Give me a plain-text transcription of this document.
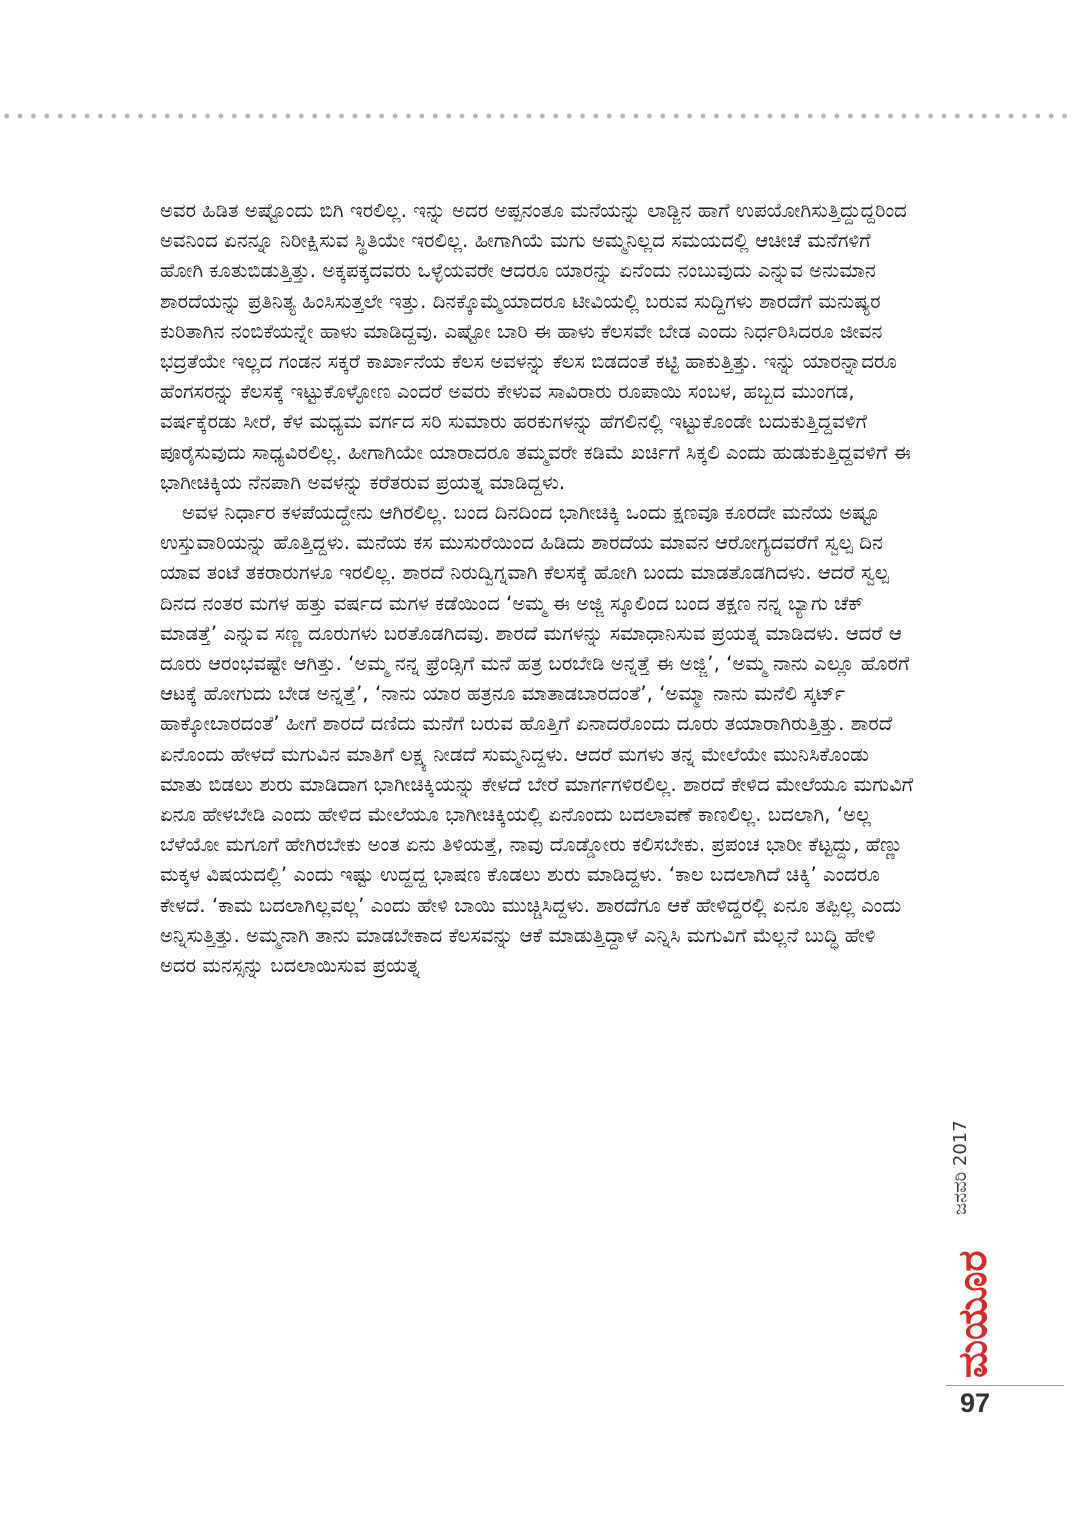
ಅವರ ಹಿಡಿತ ಅಷ್ಟೊಂದು ಬಿಗಿ ಇರಲಿಲ್ಲ. ಇನ್ನು ಅದರ ಅಪ್ಪನಂತೂ ಮನೆಯನ್ನು ಲಾಡ್ಜಿನ ಹಾಗೆ ಉಪಯೋಗಿಸುತ್ತಿದ್ದುದ್ದರಿಂದ ಅವನಿಂದ ಏನನ್ನೂ ನಿರೀಕ್ಷಿಸುವ ಸ್ಥಿತಿಯೇ ಇರಲಿಲ್ಲ. ಹೀಗಾಗಿಯೆ ಮಗು ಅಮ್ಮನಿಲ್ಲದ ಸಮಯದಲ್ಲಿ ಆಚೀಚೆ ಮನೆಗಳಿಗೆ ಹೋಗಿ ಕೂತುಬಿಡುತ್ತಿತ್ತು. ಅಕ್ಕಪಕ್ಕದವರು ಒಳ್ಳೆಯವರೇ ಆದರೂ ಯಾರನ್ನು ಏನೆಂದು ನಂಬುವುದು ಎನ್ನುವ ಅನುಮಾನ ಶಾರದೆಯನ್ನು ಪ್ರತಿನಿತ್ಯ ಹಿಂಸಿಸುತ್ತಲೇ ಇತ್ತು. ದಿನಕ್ಕೊಮ್ಮೆಯಾದರೂ ಟೀವಿಯಲ್ಲಿ ಬರುವ ಸುದ್ದಿಗಳು ಶಾರದೆಗೆ ಮನುಷ್ಯರ ಕುರಿತಾಗಿನ ನಂಬಿಕೆಯನ್ನೇ ಹಾಳು ಮಾಡಿದ್ದವು. ಎಷ್ಟೋ ಬಾರಿ ಈ ಹಾಳು ಕೆಲಸವೇ ಬೇಡ ಎಂದು ನಿರ್ಧರಿಸಿದರೂ ಜೀವನ ಭದ್ರತೆಯೇ ಇಲ್ಲದ ಗಂಡನ ಸಕ್ಕರೆ ಕಾರ್ಖಾನೆಯ ಕೆಲಸ ಅವಳನ್ನು ಕೆಲಸ ಬಿಡದಂತೆ ಕಟ್ಟಿ ಹಾಕುತ್ತಿತ್ತು. ಇನ್ನು ಯಾರನ್ನಾದರೂ ಹೆಂಗಸರನ್ನು ಕೆಲಸಕ್ಕೆ ಇಟ್ಟುಕೊಳ್ಳೋಣ ಎಂದರೆ ಅವರು ಕೇಳುವ ಸಾವಿರಾರು ರೂಪಾಯಿ ಸಂಬಳ, ಹಬ್ಬದ ಮುಂಗಡ, ವರ್ಷಕ್ಕೆರಡು ಸೀರೆ, ಕೆಳ ಮಧ್ಯಮ ವರ್ಗದ ಸರಿ ಸುಮಾರು ಹರಕುಗಳನ್ನು ಹೆಗಲಿನಲ್ಲಿ ಇಟ್ಟುಕೊಂಡೇ ಬದುಕುತ್ತಿದ್ದವಳಿಗೆ ಪೂರೈಸುವುದು ಸಾಧ್ಯವಿರಲಿಲ್ಲ. ಹೀಗಾಗಿಯೇ ಯಾರಾದರೂ ತಮ್ಮವರೇ ಕಡಿಮೆ ಖರ್ಚಿಗೆ ಸಿಕ್ಕಲಿ ಎಂದು ಹುಡುಕುತ್ತಿದ್ದವಳಿಗೆ ಈ ಭಾಗೀಚಿಕ್ಕಿಯ ನೆನಪಾಗಿ ಅವಳನ್ನು ಕರೆತರುವ ಪ್ರಯತ್ನ ಮಾಡಿದ್ದಳು.

ಅವಳ ನಿರ್ಧಾರ ಕಳಪೆಯದ್ದೇನು ಆಗಿರಲಿಲ್ಲ. ಬಂದ ದಿನದಿಂದ ಭಾಗೀಚಿಕ್ಕಿ ಒಂದು ಕ್ಷಣವೂ ಕೂರದೇ ಮನೆಯ ಅಷ್ಟೂ ಉಸ್ತುವಾರಿಯನ್ನು ಹೊತ್ತಿದ್ದಳು. ಮನೆಯ ಕಸ ಮುಸುರೆಯಿಂದ ಹಿಡಿದು ಶಾರದೆಯ ಮಾವನ ಆರೋಗ್ಯದವರೆಗೆ ಸ್ವಲ್ಪ ದಿನ ಯಾವ ತಂಟೆ ತಕರಾರುಗಳೂ ಇರಲಿಲ್ಲ. ಶಾರದೆ ನಿರುದ್ವಿಗ್ನವಾಗಿ ಕೆಲಸಕ್ಕೆ ಹೋಗಿ ಬಂದು ಮಾಡತೊಡಗಿದಳು. ಆದರೆ ಸ್ವಲ್ಪ ದಿನದ ನಂತರ ಮಗಳ ಹತ್ತು ವರ್ಷದ ಮಗಳ ಕಡೆಯಿಂದ ‘ಅಮ್ಮ ಈ ಅಜ್ಜಿ ಸ್ಕೂಲಿಂದ ಬಂದ ತಕ್ಷಣ ನನ್ನ ಬ್ಯಾಗು ಚೆಕ್ ಮಾಡತ್ತೆ’ ಎನ್ನುವ ಸಣ್ಣ ದೂರುಗಳು ಬರತೊಡಗಿದವು. ಶಾರದೆ ಮಗಳನ್ನು ಸಮಾಧಾನಿಸುವ ಪ್ರಯತ್ನ ಮಾಡಿದಳು. ಆದರೆ ಆ ದೂರು ಆರಂಭವಷ್ಟೇ ಆಗಿತ್ತು. ‘ಅಮ್ಮ ನನ್ನ ಫ್ರೆಂಡ್ಸಿಗೆ ಮನೆ ಹತ್ರ ಬರಬೇಡಿ ಅನ್ನತ್ತೆ ಈ ಅಜ್ಜಿ’, ‘ಅಮ್ಮ ನಾನು ಎಲ್ಲೂ ಹೊರಗೆ ಆಟಕ್ಕೆ ಹೋಗುದು ಬೇಡ ಅನ್ನತ್ತೆ’, ‘ನಾನು ಯಾರ ಹತ್ರನೂ ಮಾತಾಡಬಾರದಂತೆ’, ‘ಅಮ್ಮಾ ನಾನು ಮನೆಲಿ ಸ್ಕರ್ಟ್ ಹಾಕ್ಕೋಬಾರದಂತೆ’ ಹೀಗೆ ಶಾರದೆ ದಣಿದು ಮನೆಗೆ ಬರುವ ಹೊತ್ತಿಗೆ ಏನಾದರೊಂದು ದೂರು ತಯಾರಾಗಿರುತ್ತಿತ್ತು. ಶಾರದೆ ಏನೊಂದು ಹೇಳದೆ ಮಗುವಿನ ಮಾತಿಗೆ ಲಕ್ಷ್ಯ ನೀಡದೆ ಸುಮ್ಮನಿದ್ದಳು. ಆದರೆ ಮಗಳು ತನ್ನ ಮೇಲೆಯೇ ಮುನಿಸಿಕೊಂಡು ಮಾತು ಬಿಡಲು ಶುರು ಮಾಡಿದಾಗ ಭಾಗೀಚಿಕ್ಕಿಯನ್ನು ಕೇಳದೆ ಬೇರೆ ಮಾರ್ಗಗಳಿರಲಿಲ್ಲ. ಶಾರದೆ ಕೇಳಿದ ಮೇಲೆಯೂ ಮಗುವಿಗೆ ಏನೂ ಹೇಳಬೇಡಿ ಎಂದು ಹೇಳಿದ ಮೇಲೆಯೂ ಭಾಗೀಚಿಕ್ಕಿಯಲ್ಲಿ ಏನೊಂದು ಬದಲಾವಣೆ ಕಾಣಲಿಲ್ಲ. ಬದಲಾಗಿ, ‘ಅಲ್ಲ ಬೆಳೆಯೋ ಮಗೂಗೆ ಹೇಗಿರಬೇಕು ಅಂತ ಏನು ತಿಳಿಯತ್ತೆ, ನಾವು ದೊಡ್ಡೋರು ಕಲಿಸಬೇಕು. ಪ್ರಪಂಚ ಭಾರೀ ಕೆಟ್ಟದ್ದು, ಹೆಣ್ಣು ಮಕ್ಕಳ ವಿಷಯದಲ್ಲಿ’ ಎಂದು ಇಷ್ಟು ಉದ್ದದ್ದ ಭಾಷಣ ಕೊಡಲು ಶುರು ಮಾಡಿದ್ದಳು. ‘ಕಾಲ ಬದಲಾಗಿದೆ ಚಿಕ್ಕಿ’ ಎಂದರೂ ಕೇಳದೆ. ‘ಕಾಮ ಬದಲಾಗಿಲ್ಲವಲ್ಲ’ ಎಂದು ಹೇಳಿ ಬಾಯಿ ಮುಚ್ಚಿಸಿದ್ದಳು. ಶಾರದೆಗೂ ಆಕೆ ಹೇಳಿದ್ದರಲ್ಲಿ ಏನೂ ತಪ್ಪಿಲ್ಲ ಎಂದು ಅನ್ನಿಸುತ್ತಿತ್ತು. ಅಮ್ಮನಾಗಿ ತಾನು ಮಾಡಬೇಕಾದ ಕೆಲಸವನ್ನು ಆಕೆ ಮಾಡುತ್ತಿದ್ದಾಳೆ ಎನ್ನಿಸಿ ಮಗುವಿಗೆ ಮೆಲ್ಲನೆ ಬುದ್ಧಿ ಹೇಳಿ ಅದರ ಮನಸ್ಸನ್ನು ಬದಲಾಯಿಸುವ ಪ್ರಯತ್ನ

ಜನವರಿ 2017
ಮಯೂರ
97
